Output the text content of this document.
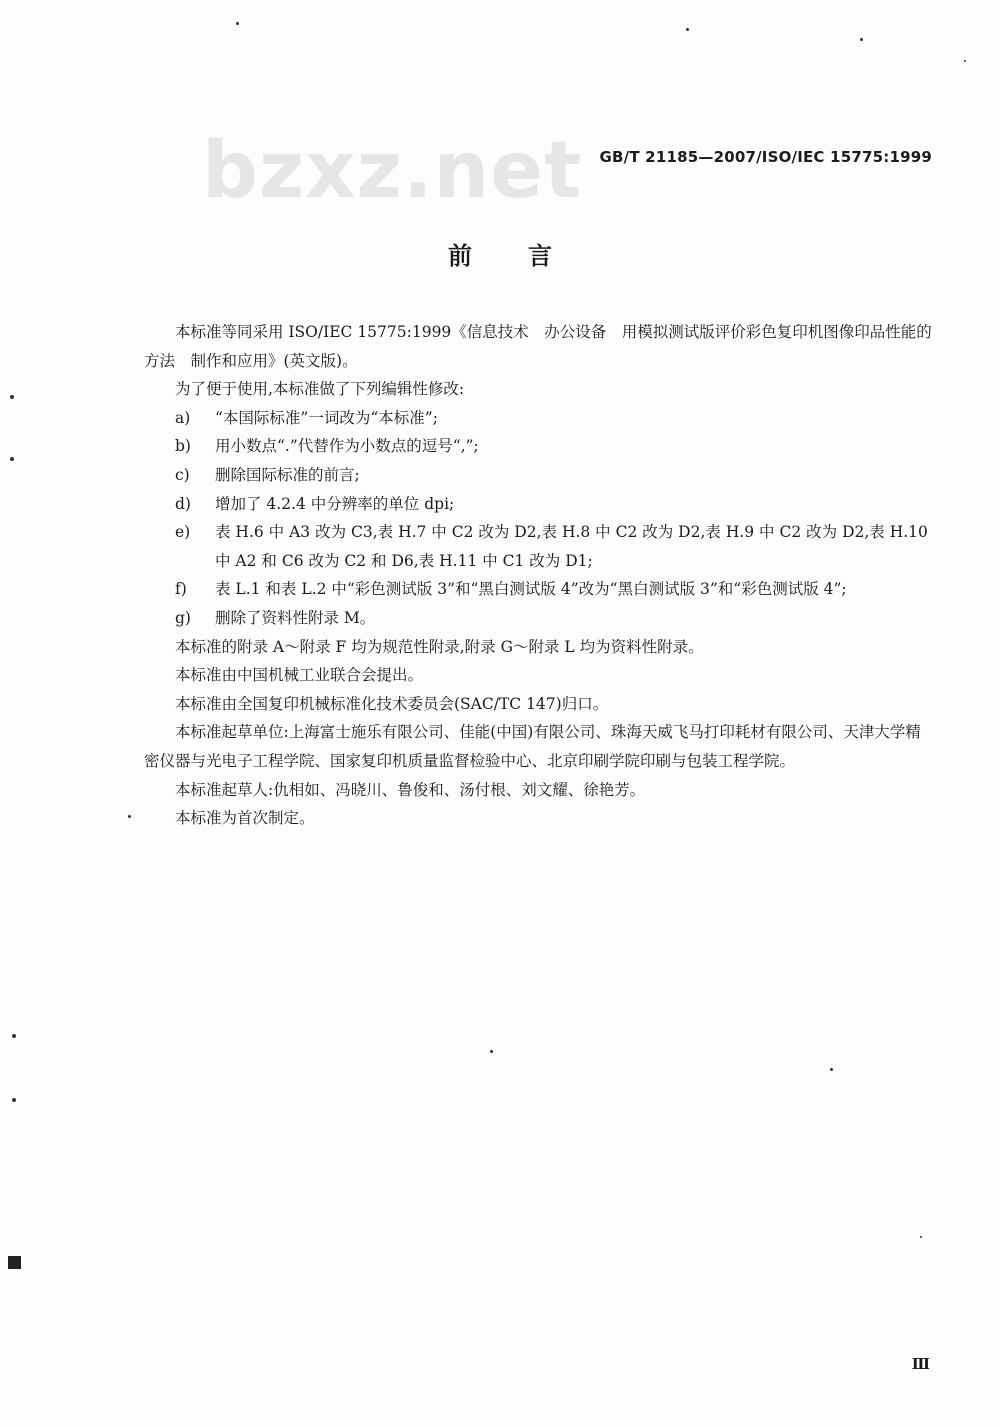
bzxz.net GB/T 21185—2007/ISO/IEC 15775:1999
前言

本标准等同采用 ISO/IEC 15775:1999《信息技术　办公设备　用模拟测试版评价彩色复印机图像印品性能的方法　制作和应用》(英文版)。

为了便于使用,本标准做了下列编辑性修改:

a) “本国际标准”一词改为“本标准”;

b) 用小数点“.”代替作为小数点的逗号“,”;

c) 删除国际标准的前言;

d) 增加了 4.2.4 中分辨率的单位 dpi;

e) 表 H.6 中 A3 改为 C3,表 H.7 中 C2 改为 D2,表 H.8 中 C2 改为 D2,表 H.9 中 C2 改为 D2,表 H.10 中 A2 和 C6 改为 C2 和 D6,表 H.11 中 C1 改为 D1;

f) 表 L.1 和表 L.2 中“彩色测试版 3”和“黑白测试版 4”改为“黑白测试版 3”和“彩色测试版 4”;

g) 删除了资料性附录 M。

本标准的附录 A～附录 F 均为规范性附录,附录 G～附录 L 均为资料性附录。

本标准由中国机械工业联合会提出。

本标准由全国复印机械标准化技术委员会(SAC/TC 147)归口。

本标准起草单位:上海富士施乐有限公司、佳能(中国)有限公司、珠海天威飞马打印耗材有限公司、天津大学精密仪器与光电子工程学院、国家复印机质量监督检验中心、北京印刷学院印刷与包装工程学院。

本标准起草人:仇相如、冯晓川、鲁俊和、汤付根、刘文耀、徐艳芳。

本标准为首次制定。

Ⅲ
